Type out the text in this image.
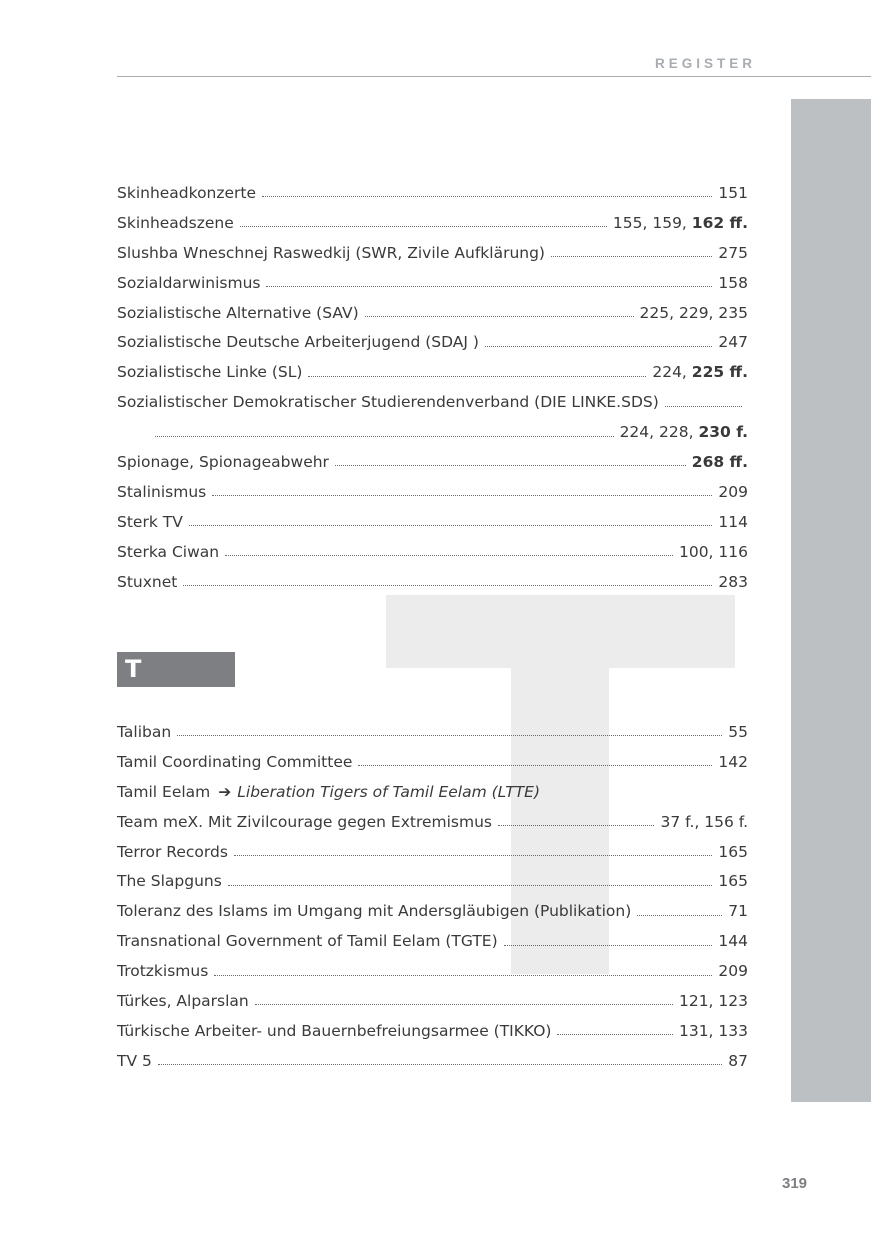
REGISTER
Skinheadkonzerte	151
Skinheadszene	155, 159, 162 ff.
Slushba Wneschnej Raswedkij (SWR, Zivile Aufklärung)	275
Sozialdarwinismus	158
Sozialistische Alternative (SAV)	225, 229, 235
Sozialistische Deutsche Arbeiterjugend (SDAJ )	247
Sozialistische Linke (SL)	224, 225 ff.
Sozialistischer Demokratischer Studierendenverband (DIE LINKE.SDS)
224, 228, 230 f.
Spionage, Spionageabwehr	268 ff.
Stalinismus	209
Sterk TV	114
Sterka Ciwan	100, 116
Stuxnet	283
T
Taliban	55
Tamil Coordinating Committee	142
Tamil Eelam ➔ Liberation Tigers of Tamil Eelam (LTTE)
Team meX. Mit Zivilcourage gegen Extremismus	37 f., 156 f.
Terror Records	165
The Slapguns	165
Toleranz des Islams im Umgang mit Andersgläubigen (Publikation)	71
Transnational Government of Tamil Eelam (TGTE)	144
Trotzkismus	209
Türkes, Alparslan	121, 123
Türkische Arbeiter- und Bauernbefreiungsarmee (TIKKO)	131, 133
TV 5	87
319
